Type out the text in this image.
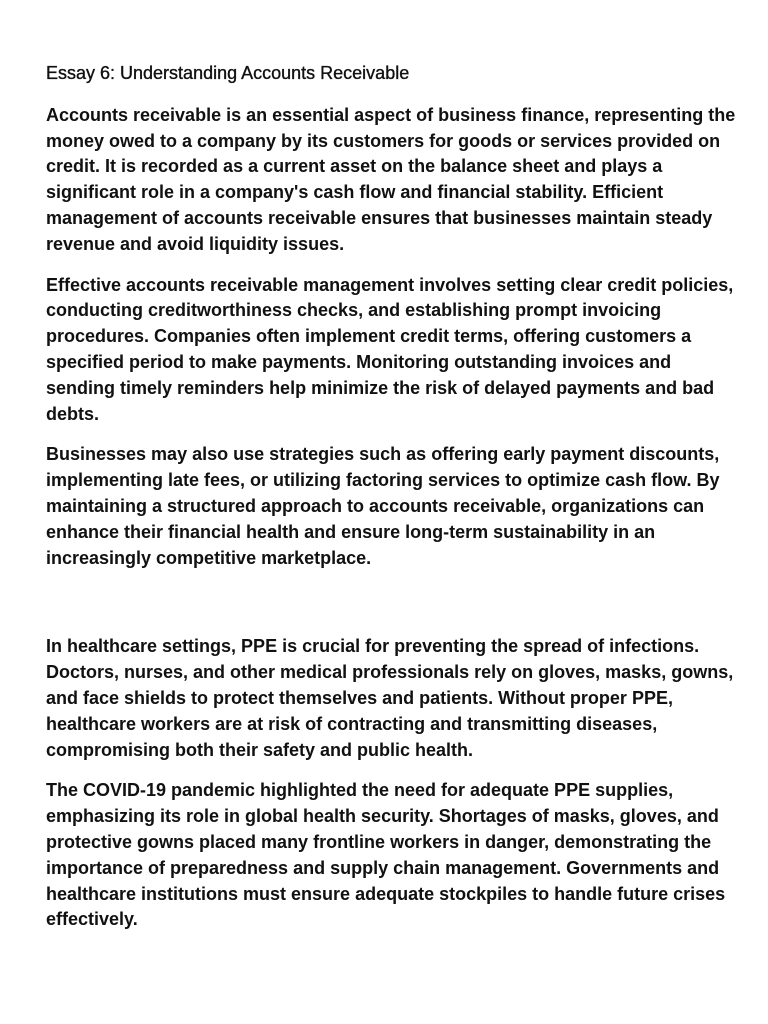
Essay 6: Understanding Accounts Receivable

Accounts receivable is an essential aspect of business finance, representing the money owed to a company by its customers for goods or services provided on credit. It is recorded as a current asset on the balance sheet and plays a significant role in a company's cash flow and financial stability. Efficient management of accounts receivable ensures that businesses maintain steady revenue and avoid liquidity issues.

Effective accounts receivable management involves setting clear credit policies, conducting creditworthiness checks, and establishing prompt invoicing procedures. Companies often implement credit terms, offering customers a specified period to make payments. Monitoring outstanding invoices and sending timely reminders help minimize the risk of delayed payments and bad debts.

Businesses may also use strategies such as offering early payment discounts, implementing late fees, or utilizing factoring services to optimize cash flow. By maintaining a structured approach to accounts receivable, organizations can enhance their financial health and ensure long-term sustainability in an increasingly competitive marketplace.

In healthcare settings, PPE is crucial for preventing the spread of infections. Doctors, nurses, and other medical professionals rely on gloves, masks, gowns, and face shields to protect themselves and patients. Without proper PPE, healthcare workers are at risk of contracting and transmitting diseases, compromising both their safety and public health.

The COVID-19 pandemic highlighted the need for adequate PPE supplies, emphasizing its role in global health security. Shortages of masks, gloves, and protective gowns placed many frontline workers in danger, demonstrating the importance of preparedness and supply chain management. Governments and healthcare institutions must ensure adequate stockpiles to handle future crises effectively.
